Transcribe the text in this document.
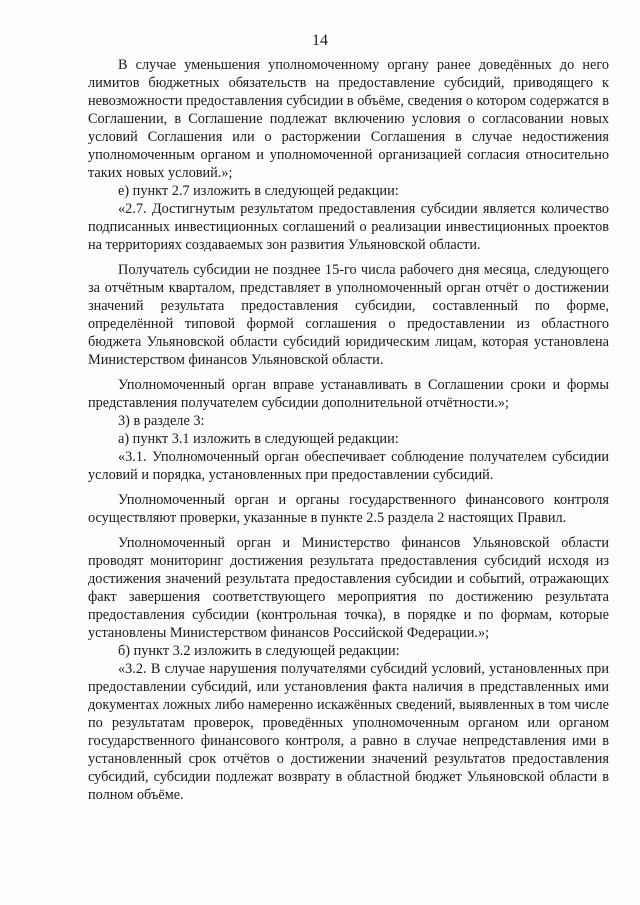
14

В случае уменьшения уполномоченному органу ранее доведённых до него лимитов бюджетных обязательств на предоставление субсидий, приводящего к невозможности предоставления субсидии в объёме, сведения о котором содержатся в Соглашении, в Соглашение подлежат включению условия о согласовании новых условий Соглашения или о расторжении Соглашения в случае недостижения уполномоченным органом и уполномоченной организацией согласия относительно таких новых условий.»;

е) пункт 2.7 изложить в следующей редакции:

«2.7. Достигнутым результатом предоставления субсидии является количество подписанных инвестиционных соглашений о реализации инвестиционных проектов на территориях создаваемых зон развития Ульяновской области.

Получатель субсидии не позднее 15-го числа рабочего дня месяца, следующего за отчётным кварталом, представляет в уполномоченный орган отчёт о достижении значений результата предоставления субсидии, составленный по форме, определённой типовой формой соглашения о предоставлении из областного бюджета Ульяновской области субсидий юридическим лицам, которая установлена Министерством финансов Ульяновской области.

Уполномоченный орган вправе устанавливать в Соглашении сроки и формы представления получателем субсидии дополнительной отчётности.»;

3) в разделе 3:

а) пункт 3.1 изложить в следующей редакции:

«3.1. Уполномоченный орган обеспечивает соблюдение получателем субсидии условий и порядка, установленных при предоставлении субсидий.

Уполномоченный орган и органы государственного финансового контроля осуществляют проверки, указанные в пункте 2.5 раздела 2 настоящих Правил.

Уполномоченный орган и Министерство финансов Ульяновской области проводят мониторинг достижения результата предоставления субсидий исходя из достижения значений результата предоставления субсидии и событий, отражающих факт завершения соответствующего мероприятия по достижению результата предоставления субсидии (контрольная точка), в порядке и по формам, которые установлены Министерством финансов Российской Федерации.»;

б) пункт 3.2 изложить в следующей редакции:

«3.2. В случае нарушения получателями субсидий условий, установленных при предоставлении субсидий, или установления факта наличия в представленных ими документах ложных либо намеренно искажённых сведений, выявленных в том числе по результатам проверок, проведённых уполномоченным органом или органом государственного финансового контроля, а равно в случае непредставления ими в установленный срок отчётов о достижении значений результатов предоставления субсидий, субсидии подлежат возврату в областной бюджет Ульяновской области в полном объёме.
